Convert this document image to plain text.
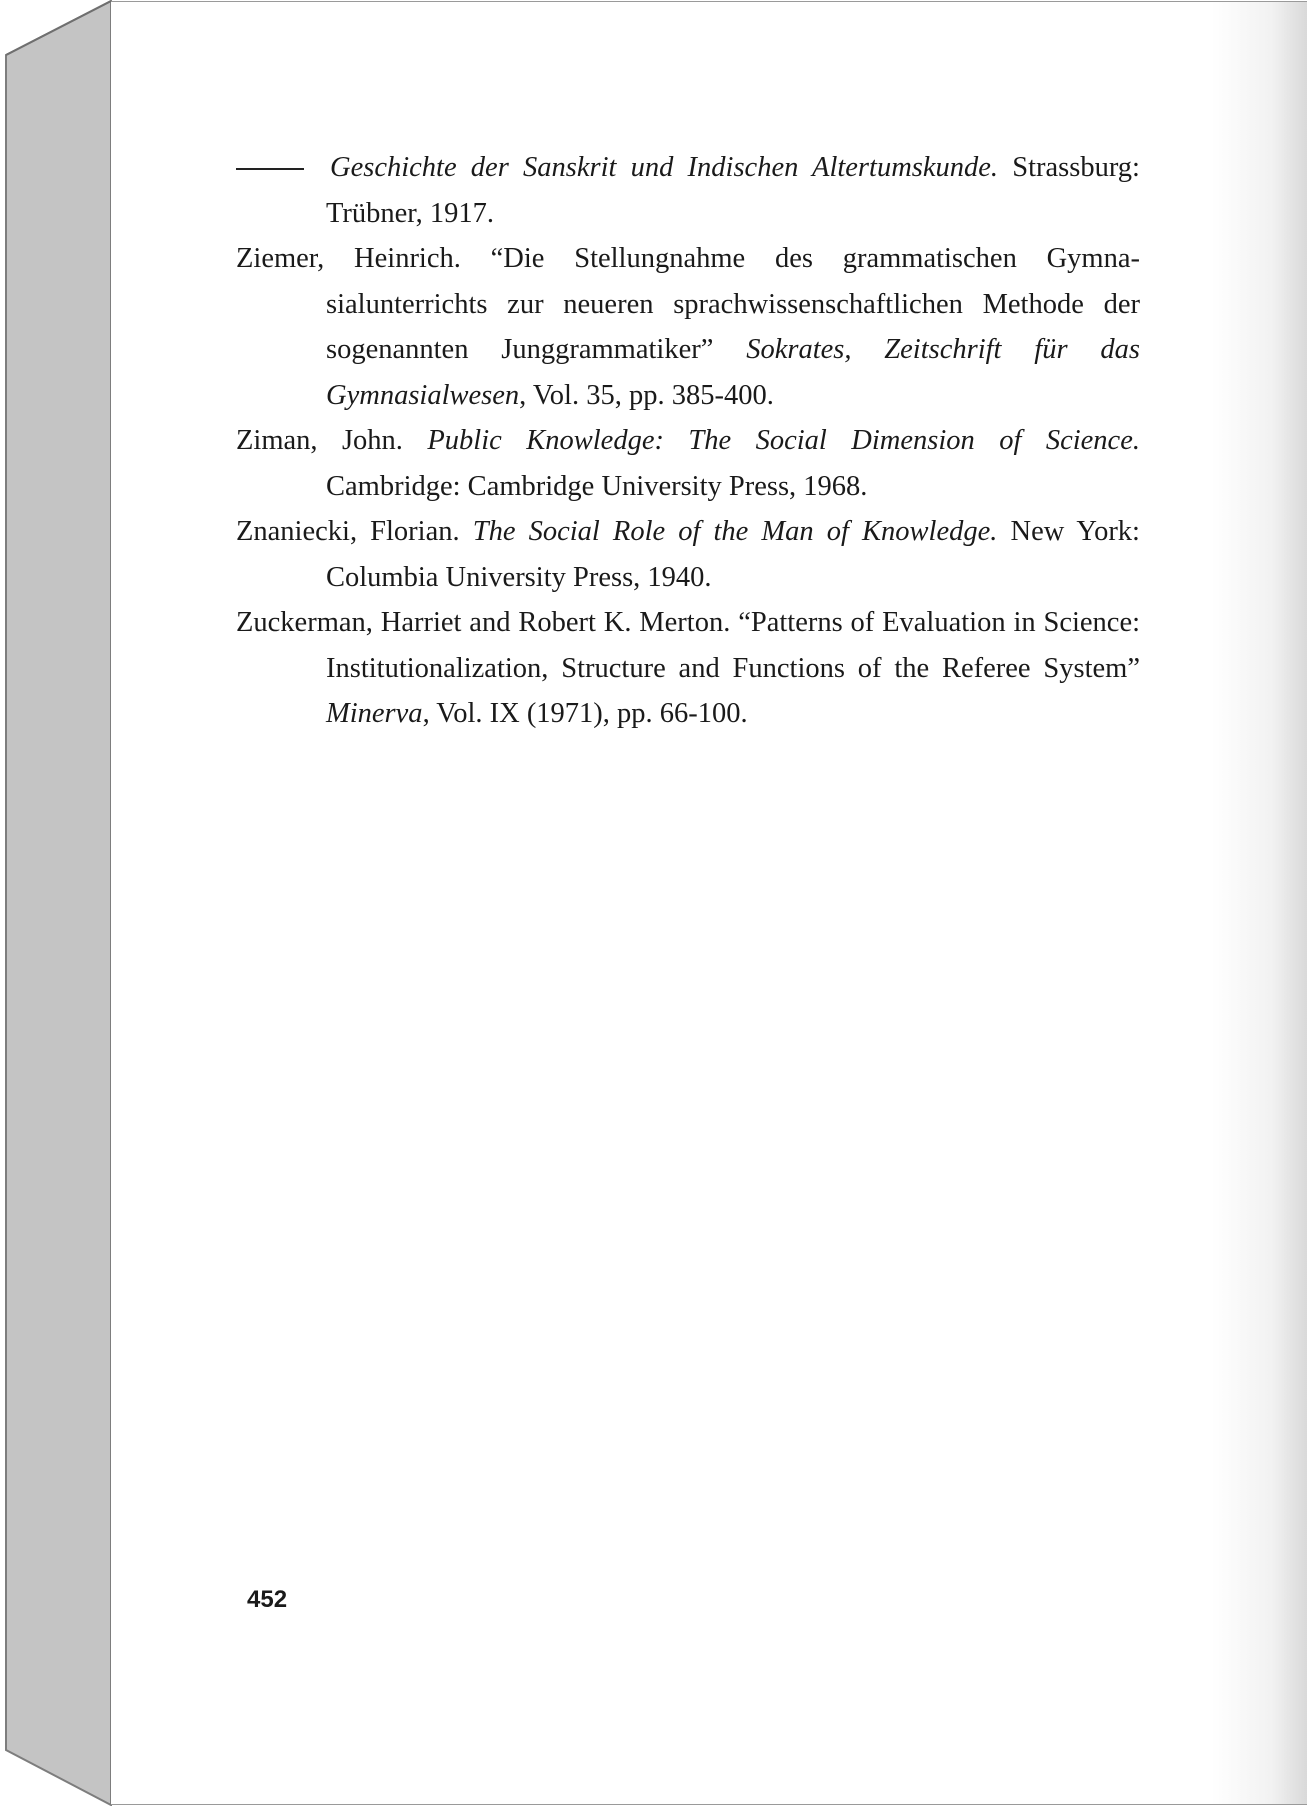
Geschichte der Sanskrit und Indischen Altertumskunde. Strassburg: Trübner, 1917.

Ziemer, Heinrich. “Die Stellungnahme des grammatischen Gymna-sialunterrichts zur neueren sprachwissenschaftlichen Methode der sogenannten Junggrammatiker” Sokrates, Zeitschrift für das Gymnasialwesen, Vol. 35, pp. 385-400.

Ziman, John. Public Knowledge: The Social Dimension of Science. Cambridge: Cambridge University Press, 1968.

Znaniecki, Florian. The Social Role of the Man of Knowledge. New York: Columbia University Press, 1940.

Zuckerman, Harriet and Robert K. Merton. “Patterns of Evaluation in Science: Institutionalization, Structure and Functions of the Referee System” Minerva, Vol. IX (1971), pp. 66-100.

452
